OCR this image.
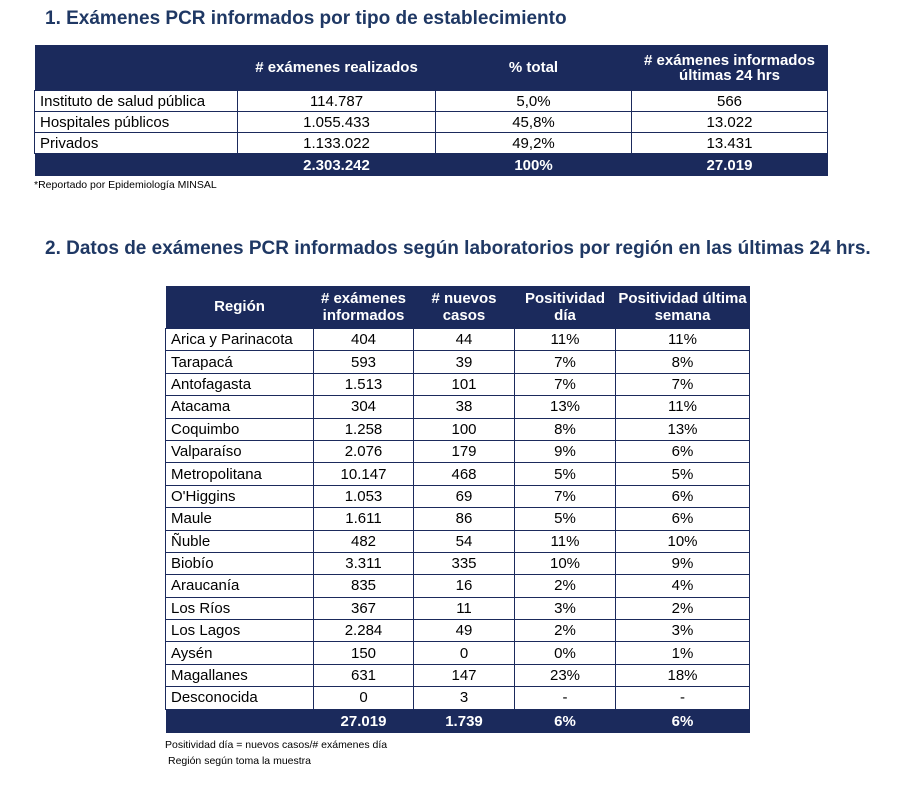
1. Exámenes PCR informados por tipo de establecimiento
	# exámenes realizados	% total	# exámenes informados últimas 24 hrs
Instituto de salud pública	114.787	5,0%	566
Hospitales públicos	1.055.433	45,8%	13.022
Privados	1.133.022	49,2%	13.431
	2.303.242	100%	27.019
*Reportado por Epidemiología MINSAL
2. Datos de exámenes PCR informados según laboratorios por región en las últimas 24 hrs.
Región	# exámenes informados	# nuevos casos	Positividad día	Positividad última semana
Arica y Parinacota	404	44	11%	11%
Tarapacá	593	39	7%	8%
Antofagasta	1.513	101	7%	7%
Atacama	304	38	13%	11%
Coquimbo	1.258	100	8%	13%
Valparaíso	2.076	179	9%	6%
Metropolitana	10.147	468	5%	5%
O'Higgins	1.053	69	7%	6%
Maule	1.611	86	5%	6%
Ñuble	482	54	11%	10%
Biobío	3.311	335	10%	9%
Araucanía	835	16	2%	4%
Los Ríos	367	11	3%	2%
Los Lagos	2.284	49	2%	3%
Aysén	150	0	0%	1%
Magallanes	631	147	23%	18%
Desconocida	0	3	-	-
	27.019	1.739	6%	6%
Positividad día = nuevos casos/# exámenes día
Región según toma la muestra
